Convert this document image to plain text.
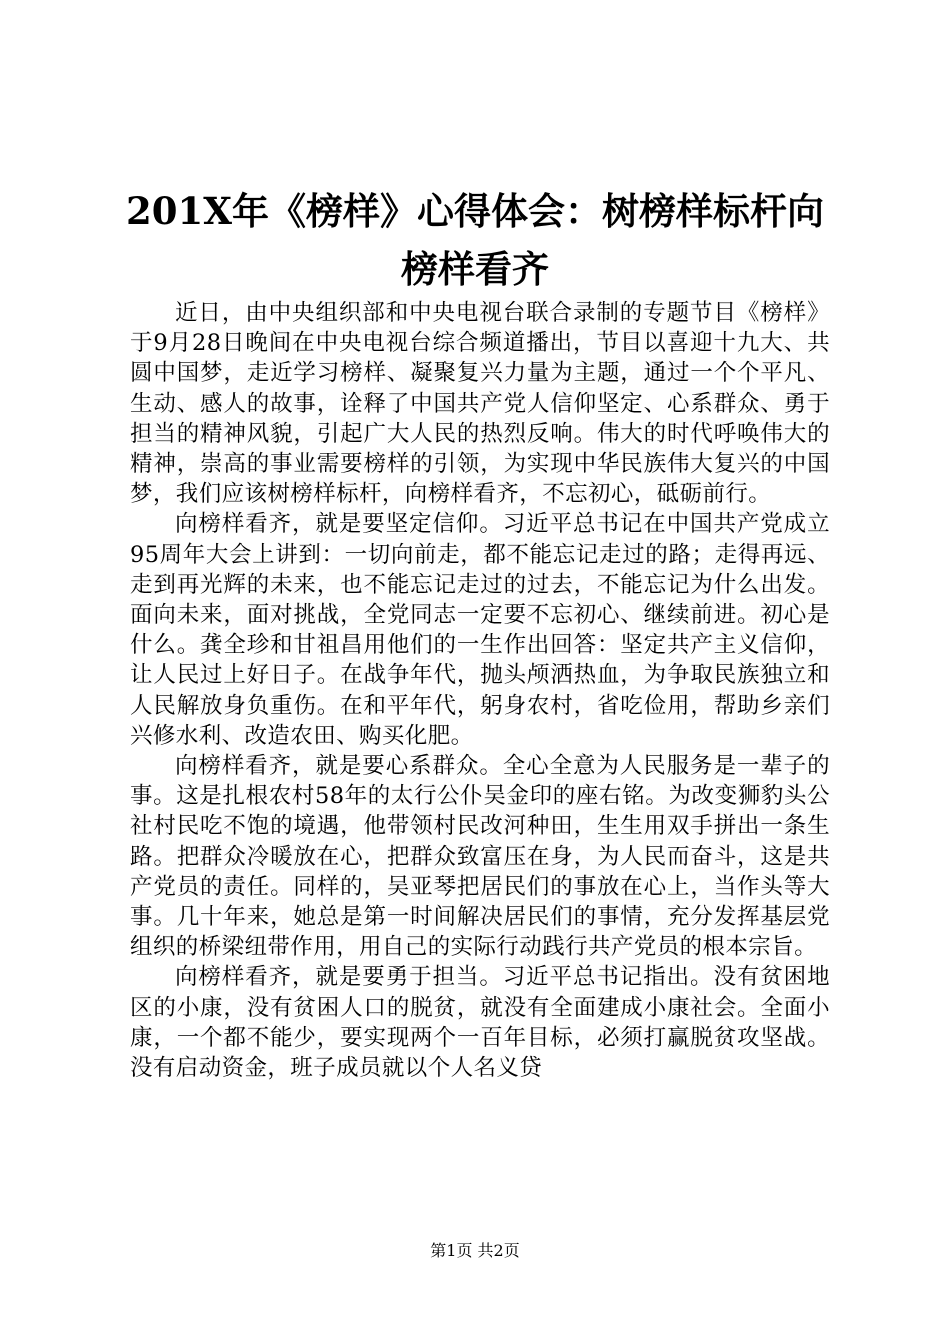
201X年《榜样》心得体会：树榜样标杆向榜样看齐

近日，由中央组织部和中央电视台联合录制的专题节目《榜样》于9月28日晚间在中央电视台综合频道播出，节目以喜迎十九大、共圆中国梦，走近学习榜样、凝聚复兴力量为主题，通过一个个平凡、生动、感人的故事，诠释了中国共产党人信仰坚定、心系群众、勇于担当的精神风貌，引起广大人民的热烈反响。伟大的时代呼唤伟大的精神，崇高的事业需要榜样的引领，为实现中华民族伟大复兴的中国梦，我们应该树榜样标杆，向榜样看齐，不忘初心，砥砺前行。

向榜样看齐，就是要坚定信仰。习近平总书记在中国共产党成立95周年大会上讲到：一切向前走，都不能忘记走过的路；走得再远、走到再光辉的未来，也不能忘记走过的过去，不能忘记为什么出发。面向未来，面对挑战，全党同志一定要不忘初心、继续前进。初心是什么。龚全珍和甘祖昌用他们的一生作出回答：坚定共产主义信仰，让人民过上好日子。在战争年代，抛头颅洒热血，为争取民族独立和人民解放身负重伤。在和平年代，躬身农村，省吃俭用，帮助乡亲们兴修水利、改造农田、购买化肥。

向榜样看齐，就是要心系群众。全心全意为人民服务是一辈子的事。这是扎根农村58年的太行公仆吴金印的座右铭。为改变狮豹头公社村民吃不饱的境遇，他带领村民改河种田，生生用双手拼出一条生路。把群众冷暖放在心，把群众致富压在身，为人民而奋斗，这是共产党员的责任。同样的，吴亚琴把居民们的事放在心上，当作头等大事。几十年来，她总是第一时间解决居民们的事情，充分发挥基层党组织的桥梁纽带作用，用自己的实际行动践行共产党员的根本宗旨。

向榜样看齐，就是要勇于担当。习近平总书记指出。没有贫困地区的小康，没有贫困人口的脱贫，就没有全面建成小康社会。全面小康，一个都不能少，要实现两个一百年目标，必须打赢脱贫攻坚战。没有启动资金，班子成员就以个人名义贷

第1页 共2页
